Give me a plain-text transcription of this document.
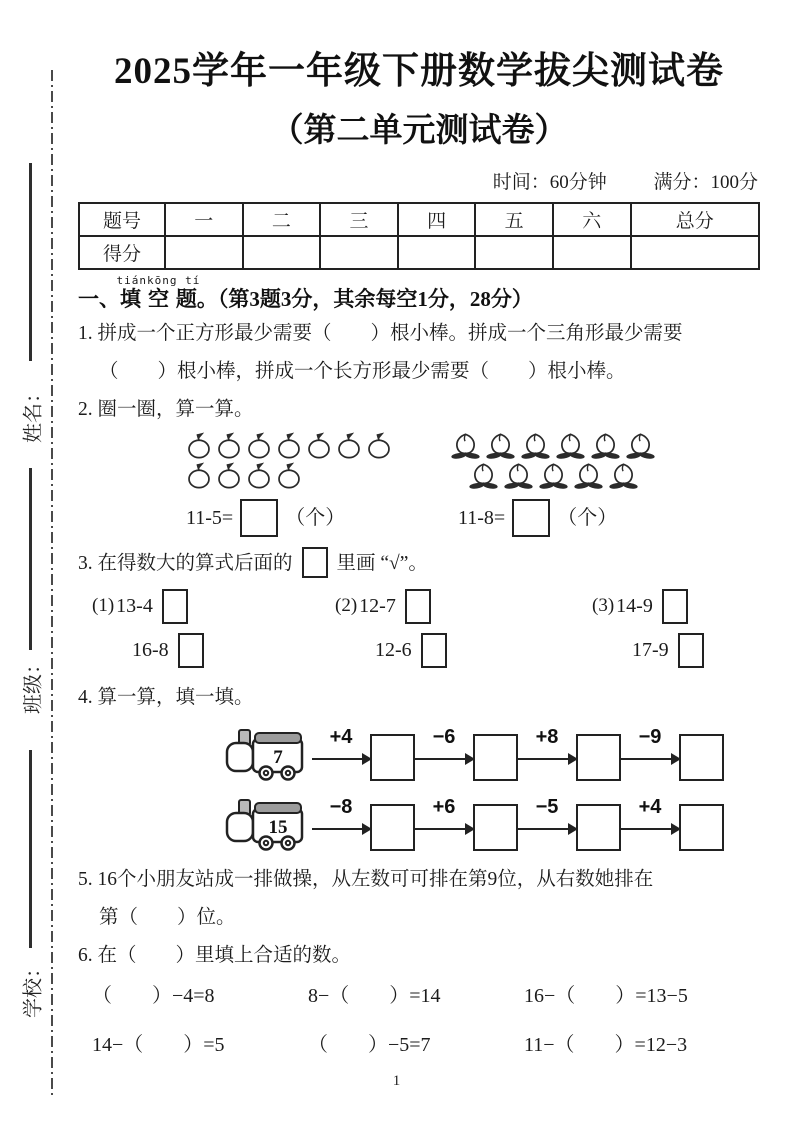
姓名：
班级：
学校：
2025学年一年级下册数学拔尖测试卷
（第二单元测试卷）
时间：60分钟 满分：100分
题号	一	二	三	四	五	六	总分
得分							
一、填空题tiánkōng tí。（第3题3分，其余每空1分，28分）
1. 拼成一个正方形最少需要（　　）根小棒。拼成一个三角形最少需要
（　　）根小棒，拼成一个长方形最少需要（　　）根小棒。
2. 圈一圈，算一算。
11-5=	（个）	11-8=	（个）
3. 在得数大的算式后面的 里画 “√”。
(1) 13-4
16-8
(2) 12-7
12-6
(3) 14-9
17-9
4. 算一算，填一填。
7
+4	−6	+8	−9
15
−8	+6	−5	+4
5. 16个小朋友站成一排做操，从左数可可排在第9位，从右数她排在
第（　　）位。
6. 在（　　）里填上合适的数。
（　　）−4=8	8−（　　）=14	16−（　　）=13−5
14−（　　）=5	（　　）−5=7	11−（　　）=12−3
1
